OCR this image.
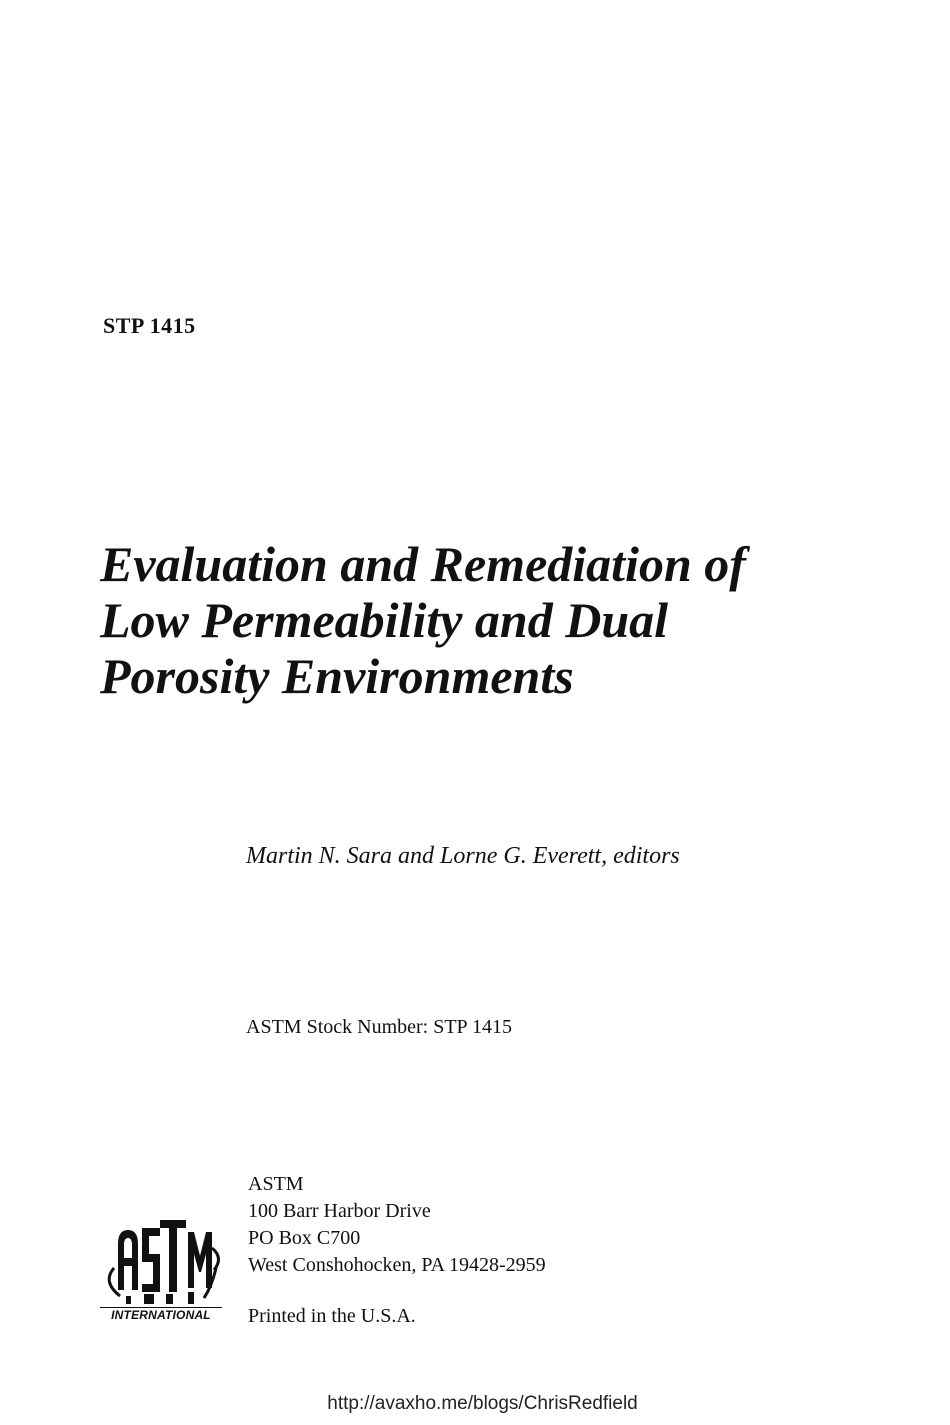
STP 1415
Evaluation and Remediation of
Low Permeability and Dual
Porosity Environments
Martin N. Sara and Lorne G. Everett, editors
ASTM Stock Number: STP 1415
INTERNATIONAL
ASTM
100 Barr Harbor Drive
PO Box C700
West Conshohocken, PA 19428-2959
Printed in the U.S.A.
http://avaxho.me/blogs/ChrisRedfield
